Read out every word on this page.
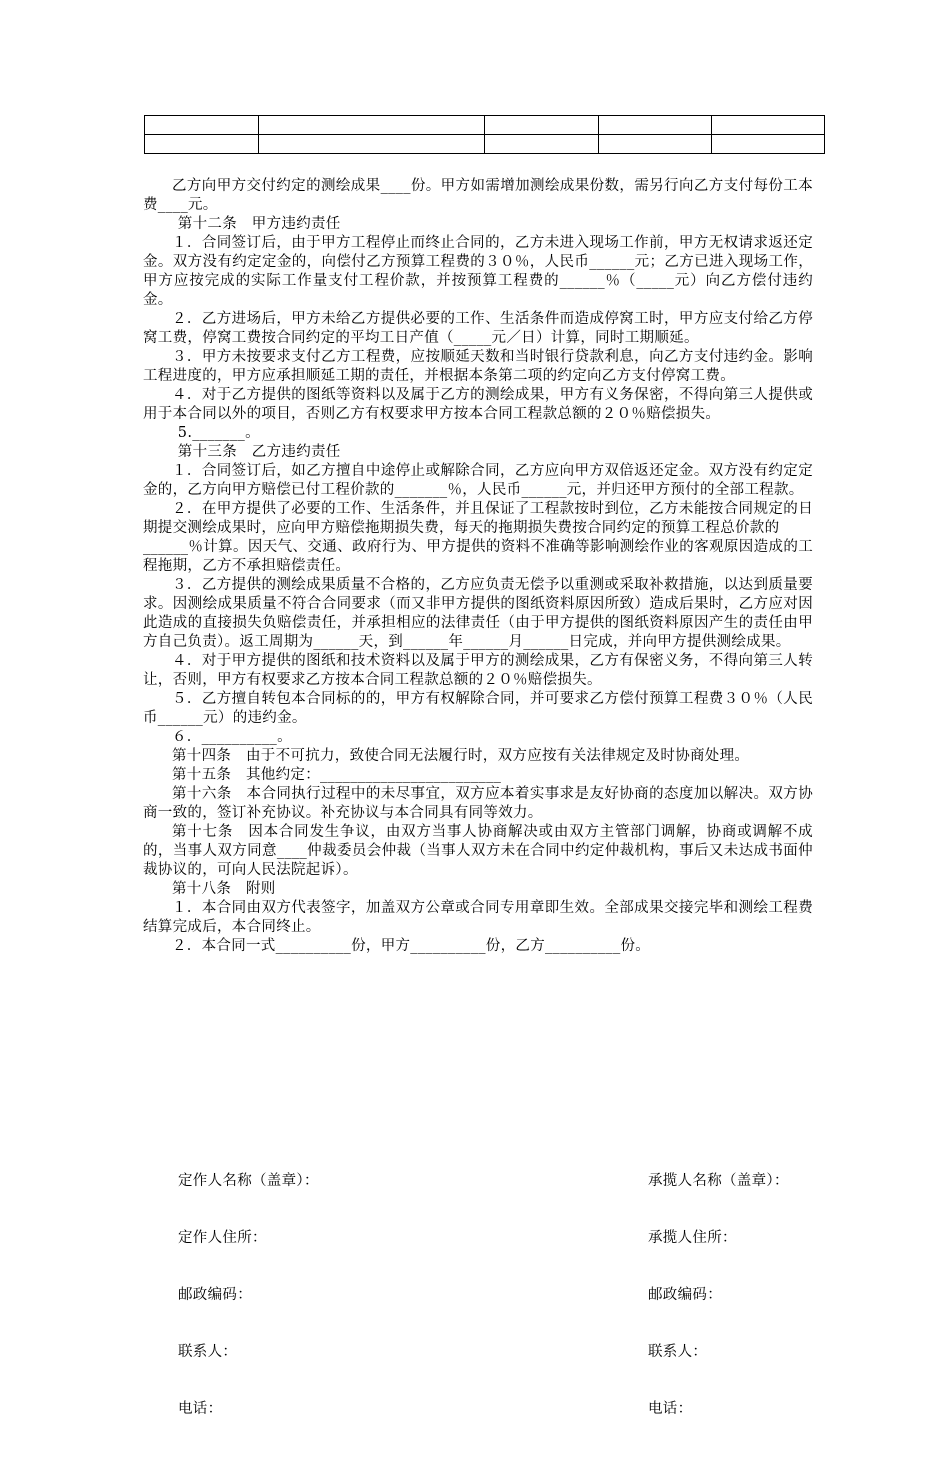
乙方向甲方交付约定的测绘成果____份。甲方如需增加测绘成果份数，需另行向乙方支付每份工本费____元。

第十二条　甲方违约责任

１．合同签订后，由于甲方工程停止而终止合同的，乙方未进入现场工作前，甲方无权请求返还定金。双方没有约定定金的，向偿付乙方预算工程费的３０％，人民币______元；乙方已进入现场工作，甲方应按完成的实际工作量支付工程价款，并按预算工程费的______％（_____元）向乙方偿付违约金。

２．乙方进场后，甲方未给乙方提供必要的工作、生活条件而造成停窝工时，甲方应支付给乙方停窝工费，停窝工费按合同约定的平均工日产值（_____元／日）计算，同时工期顺延。

３．甲方未按要求支付乙方工程费，应按顺延天数和当时银行贷款利息，向乙方支付违约金。影响工程进度的，甲方应承担顺延工期的责任，并根据本条第二项的约定向乙方支付停窝工费。

４．对于乙方提供的图纸等资料以及属于乙方的测绘成果，甲方有义务保密，不得向第三人提供或用于本合同以外的项目，否则乙方有权要求甲方按本合同工程款总额的２０％赔偿损失。

5._______。

第十三条　乙方违约责任

１．合同签订后，如乙方擅自中途停止或解除合同，乙方应向甲方双倍返还定金。双方没有约定定金的，乙方向甲方赔偿已付工程价款的_______％，人民币______元，并归还甲方预付的全部工程款。

２．在甲方提供了必要的工作、生活条件，并且保证了工程款按时到位，乙方未能按合同规定的日期提交测绘成果时，应向甲方赔偿拖期损失费，每天的拖期损失费按合同约定的预算工程总价款的
______％计算。因天气、交通、政府行为、甲方提供的资料不准确等影响测绘作业的客观原因造成的工程拖期，乙方不承担赔偿责任。

３．乙方提供的测绘成果质量不合格的，乙方应负责无偿予以重测或采取补救措施，以达到质量要求。因测绘成果质量不符合合同要求（而又非甲方提供的图纸资料原因所致）造成后果时，乙方应对因此造成的直接损失负赔偿责任，并承担相应的法律责任（由于甲方提供的图纸资料原因产生的责任由甲方自己负责）。返工周期为______天，到______年______月______日完成，并向甲方提供测绘成果。

４．对于甲方提供的图纸和技术资料以及属于甲方的测绘成果，乙方有保密义务，不得向第三人转让，否则，甲方有权要求乙方按本合同工程款总额的２０％赔偿损失。

５．乙方擅自转包本合同标的的，甲方有权解除合同，并可要求乙方偿付预算工程费３０％（人民币______元）的违约金。

６．__________。

第十四条　由于不可抗力，致使合同无法履行时，双方应按有关法律规定及时协商处理。

第十五条　其他约定：________________________

第十六条　本合同执行过程中的未尽事宜，双方应本着实事求是友好协商的态度加以解决。双方协商一致的，签订补充协议。补充协议与本合同具有同等效力。

第十七条　因本合同发生争议，由双方当事人协商解决或由双方主管部门调解，协商或调解不成的，当事人双方同意____仲裁委员会仲裁（当事人双方未在合同中约定仲裁机构，事后又未达成书面仲裁协议的，可向人民法院起诉）。

第十八条　附则

１．本合同由双方代表签字，加盖双方公章或合同专用章即生效。全部成果交接完毕和测绘工程费结算完成后，本合同终止。

２．本合同一式__________份，甲方__________份，乙方__________份。

定作人名称（盖章）：

定作人住所：

邮政编码：

联系人：

电话：

承揽人名称（盖章）：

承揽人住所：

邮政编码：

联系人：

电话：
